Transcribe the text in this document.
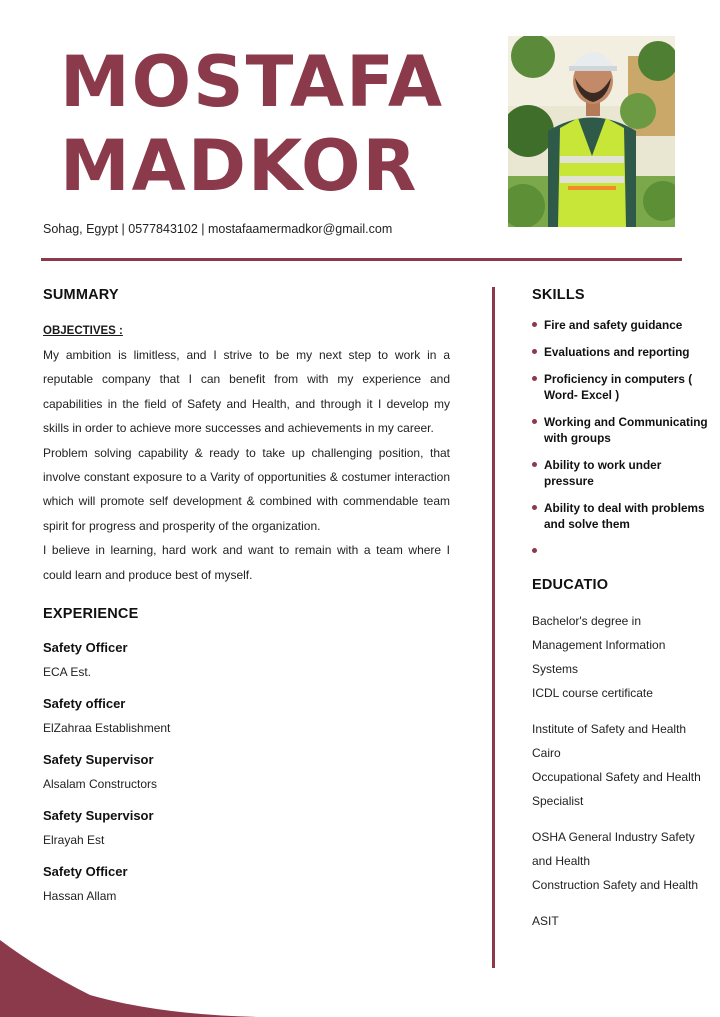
MOSTAFA
MADKOR
Sohag, Egypt | 0577843102 | mostafaamermadkor@gmail.com
SUMMARY
OBJECTIVES :

My ambition is limitless, and I strive to be my next step to work in a reputable company that I can benefit from with my experience and capabilities in the field of Safety and Health, and through it I develop my skills in order to achieve more successes and achievements in my career.

Problem solving capability & ready to take up challenging position, that involve constant exposure to a Varity of opportunities & costumer interaction which will promote self development & combined with commendable team spirit for progress and prosperity of the organization.

I believe in learning, hard work and want to remain with a team where I could learn and produce best of myself.

EXPERIENCE
Safety Officer
ECA Est.
Safety officer
ElZahraa Establishment
Safety Supervisor
Alsalam Constructors
Safety Supervisor
Elrayah Est
Safety Officer
Hassan Allam
SKILLS
Fire and safety guidance
Evaluations and reporting
Proficiency in computers ( Word- Excel )
Working and Communicating with groups
Ability to work under pressure
Ability to deal with problems and solve them
EDUCATIO
Bachelor's degree in Management Information Systems
ICDL course certificate
Institute of Safety and Health Cairo
Occupational Safety and Health Specialist
OSHA General Industry Safety and Health
Construction Safety and Health
ASIT
